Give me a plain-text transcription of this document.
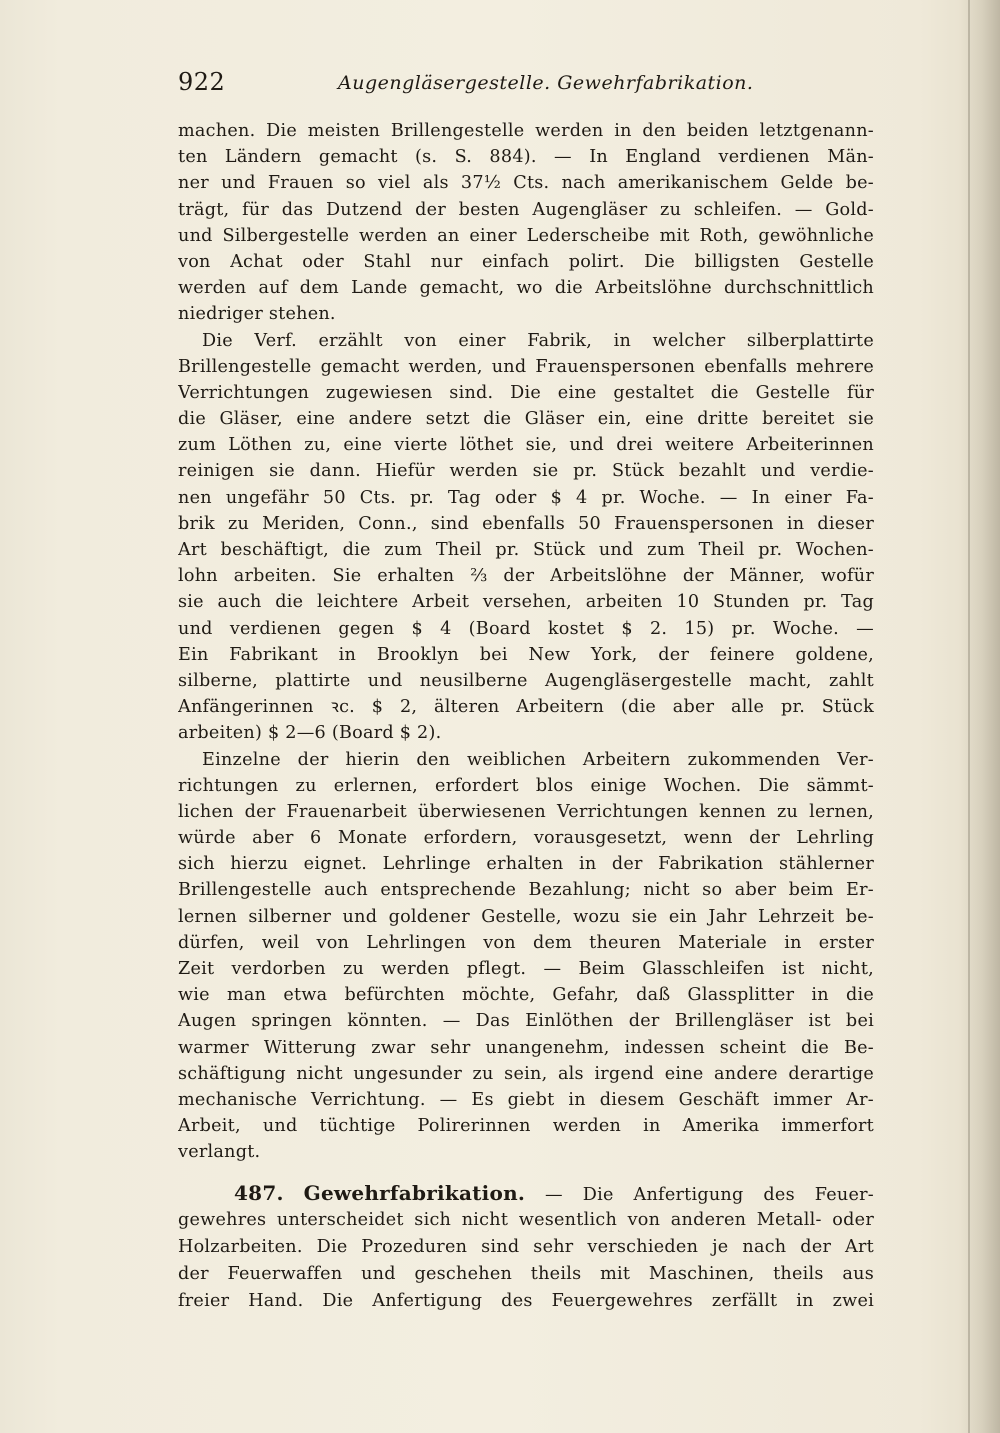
922	Augengläsergestelle. Gewehrfabrikation.
machen. Die meisten Brillengestelle werden in den beiden letztgenann-
ten Ländern gemacht (s. S. 884). — In England verdienen Män-
ner und Frauen so viel als 37½ Cts. nach amerikanischem Gelde be-
trägt, für das Dutzend der besten Augengläser zu schleifen. — Gold-
und Silbergestelle werden an einer Lederscheibe mit Roth, gewöhnliche
von Achat oder Stahl nur einfach polirt. Die billigsten Gestelle
werden auf dem Lande gemacht, wo die Arbeitslöhne durchschnittlich
niedriger stehen.
Die Verf. erzählt von einer Fabrik, in welcher silberplattirte
Brillengestelle gemacht werden, und Frauenspersonen ebenfalls mehrere
Verrichtungen zugewiesen sind. Die eine gestaltet die Gestelle für
die Gläser, eine andere setzt die Gläser ein, eine dritte bereitet sie
zum Löthen zu, eine vierte löthet sie, und drei weitere Arbeiterinnen
reinigen sie dann. Hiefür werden sie pr. Stück bezahlt und verdie-
nen ungefähr 50 Cts. pr. Tag oder $ 4 pr. Woche. — In einer Fa-
brik zu Meriden, Conn., sind ebenfalls 50 Frauenspersonen in dieser
Art beschäftigt, die zum Theil pr. Stück und zum Theil pr. Wochen-
lohn arbeiten. Sie erhalten ⅔ der Arbeitslöhne der Männer, wofür
sie auch die leichtere Arbeit versehen, arbeiten 10 Stunden pr. Tag
und verdienen gegen $ 4 (Board kostet $ 2. 15) pr. Woche. —
Ein Fabrikant in Brooklyn bei New York, der feinere goldene,
silberne, plattirte und neusilberne Augengläsergestelle macht, zahlt
Anfängerinnen ꝛc. $ 2, älteren Arbeitern (die aber alle pr. Stück
arbeiten) $ 2—6 (Board $ 2).
Einzelne der hierin den weiblichen Arbeitern zukommenden Ver-
richtungen zu erlernen, erfordert blos einige Wochen. Die sämmt-
lichen der Frauenarbeit überwiesenen Verrichtungen kennen zu lernen,
würde aber 6 Monate erfordern, vorausgesetzt, wenn der Lehrling
sich hierzu eignet. Lehrlinge erhalten in der Fabrikation stählerner
Brillengestelle auch entsprechende Bezahlung; nicht so aber beim Er-
lernen silberner und goldener Gestelle, wozu sie ein Jahr Lehrzeit be-
dürfen, weil von Lehrlingen von dem theuren Materiale in erster
Zeit verdorben zu werden pflegt. — Beim Glasschleifen ist nicht,
wie man etwa befürchten möchte, Gefahr, daß Glassplitter in die
Augen springen könnten. — Das Einlöthen der Brillengläser ist bei
warmer Witterung zwar sehr unangenehm, indessen scheint die Be-
schäftigung nicht ungesunder zu sein, als irgend eine andere derartige
mechanische Verrichtung. — Es giebt in diesem Geschäft immer Ar-
Arbeit, und tüchtige Polirerinnen werden in Amerika immerfort
verlangt.
487. Gewehrfabrikation. — Die Anfertigung des Feuer-
gewehres unterscheidet sich nicht wesentlich von anderen Metall- oder
Holzarbeiten. Die Prozeduren sind sehr verschieden je nach der Art
der Feuerwaffen und geschehen theils mit Maschinen, theils aus
freier Hand. Die Anfertigung des Feuergewehres zerfällt in zwei
